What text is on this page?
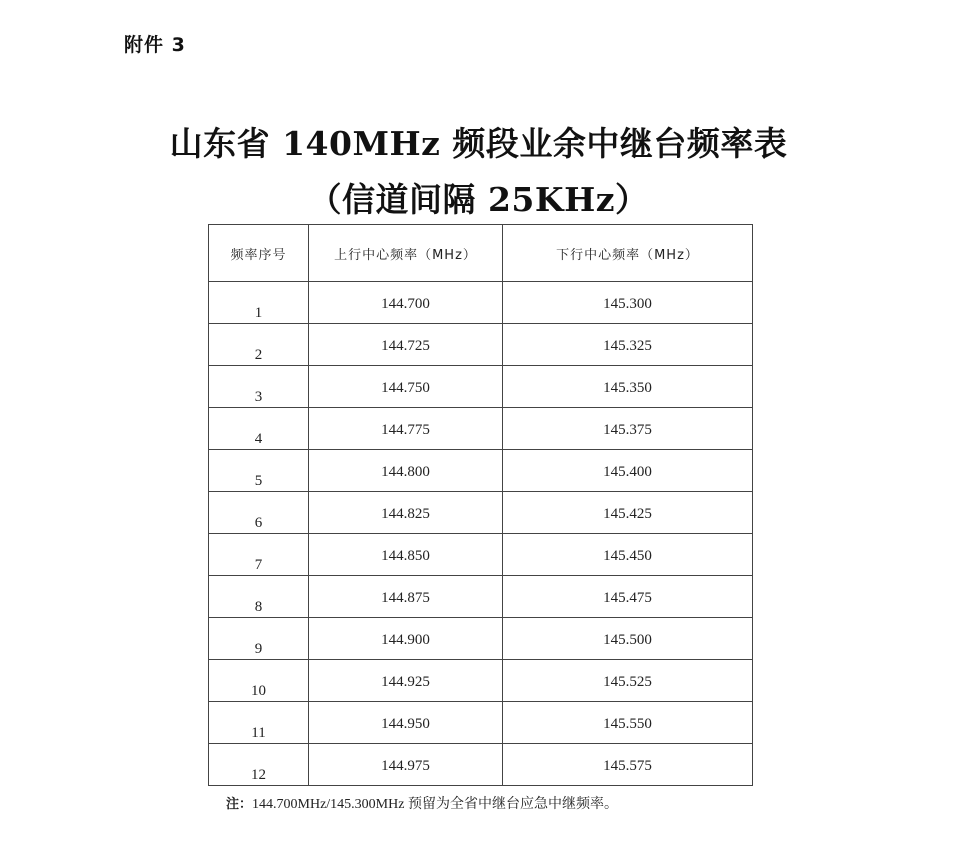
附件 3
山东省 140MHz 频段业余中继台频率表
（信道间隔 25KHz）
频率序号	上行中心频率（MHz）	下行中心频率（MHz）
1	144.700	145.300
2	144.725	145.325
3	144.750	145.350
4	144.775	145.375
5	144.800	145.400
6	144.825	145.425
7	144.850	145.450
8	144.875	145.475
9	144.900	145.500
10	144.925	145.525
11	144.950	145.550
12	144.975	145.575
注：144.700MHz/145.300MHz 预留为全省中继台应急中继频率。
